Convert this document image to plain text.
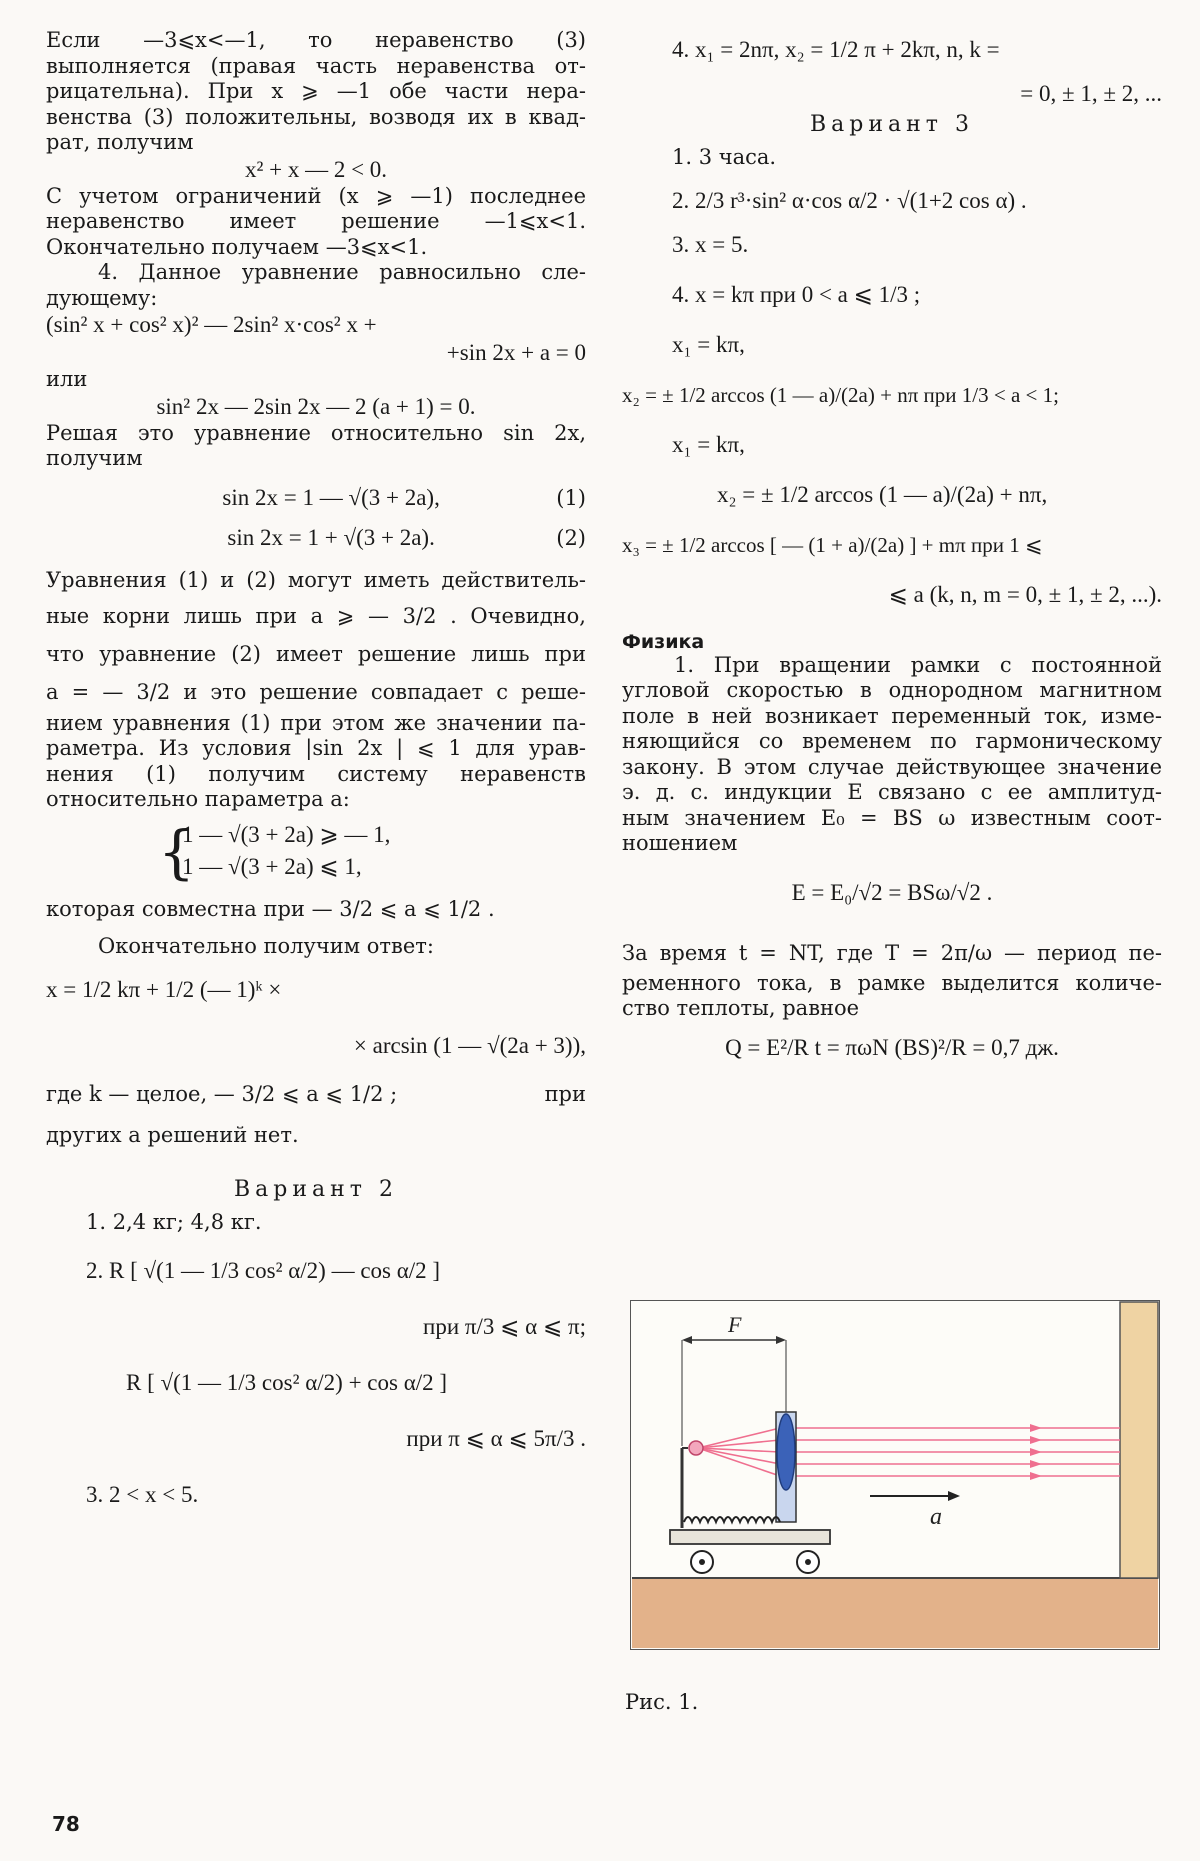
Если —3⩽x<—1, то неравенство (3)

выполняется (правая часть неравенства от-

рицательна). При x ⩾ —1 обе части нера-

венства (3) положительны, возводя их в квад-

рат, получим

x² + x — 2 < 0.

С учетом ограничений (x ⩾ —1) последнее

неравенство имеет решение —1⩽x<1.

Окончательно получаем —3⩽x<1.

4. Данное уравнение равносильно сле-

дующему:

(sin² x + cos² x)² — 2sin² x·cos² x +

+sin 2x + a = 0

или

sin² 2x — 2sin 2x — 2 (a + 1) = 0.

Решая это уравнение относительно sin 2x,

получим

sin 2x = 1 — √(3 + 2a),	(1)
sin 2x = 1 + √(3 + 2a).	(2)

Уравнения (1) и (2) могут иметь действитель-

ные корни лишь при a ⩾ — 3/2 . Очевидно,

что уравнение (2) имеет решение лишь при

a = — 3/2 и это решение совпадает с реше-

нием уравнения (1) при этом же значении па-

раметра. Из условия |sin 2x | ⩽ 1 для урав-

нения (1) получим систему неравенств

относительно параметра a:

{

1 — √(3 + 2a) ⩾ — 1,

1 — √(3 + 2a) ⩽ 1,

которая совместна при — 3/2 ⩽ a ⩽ 1/2 .

Окончательно получим ответ:

x = 1/2 kπ + 1/2 (— 1)ᵏ ×

× arcsin (1 — √(2a + 3)),

где k — целое, — 3/2 ⩽ a ⩽ 1/2 ;	при

других a решений нет.

Вариант 2

1. 2,4 кг; 4,8 кг.

2. R [ √(1 — 1/3 cos² α/2) — cos α/2 ]

при π/3 ⩽ α ⩽ π;

R [ √(1 — 1/3 cos² α/2) + cos α/2 ]

при π ⩽ α ⩽ 5π/3 .

3. 2 < x < 5.

4. x₁ = 2nπ, x₂ = 1/2 π + 2kπ, n, k =

= 0, ± 1, ± 2, ...

Вариант 3

1. 3 часа.

2. 2/3 r³·sin² α·cos α/2 · √(1+2 cos α) .

3. x = 5.

4. x = kπ при 0 < a ⩽ 1/3 ;

x₁ = kπ,

x₂ = ± 1/2 arccos (1 — a)/(2a) + nπ при 1/3 < a < 1;

x₁ = kπ,

x₂ = ± 1/2 arccos (1 — a)/(2a) + nπ,

x₃ = ± 1/2 arccos [ — (1 + a)/(2a) ] + mπ при 1 ⩽

⩽ a (k, n, m = 0, ± 1, ± 2, ...).

Физика

1. При вращении рамки с постоянной

угловой скоростью в однородном магнитном

поле в ней возникает переменный ток, изме-

няющийся со временем по гармоническому

закону. В этом случае действующее значение

э. д. с. индукции E связано с ее амплитуд-

ным значением E₀ = BS ω известным соот-

ношением

E = E₀/√2 = BSω/√2 .

За время t = NT, где T = 2π/ω — период пе-

ременного тока, в рамке выделится количе-

ство теплоты, равное

Q = E²/R t = πωN (BS)²/R = 0,7 дж.

F
a

Рис. 1.

78
